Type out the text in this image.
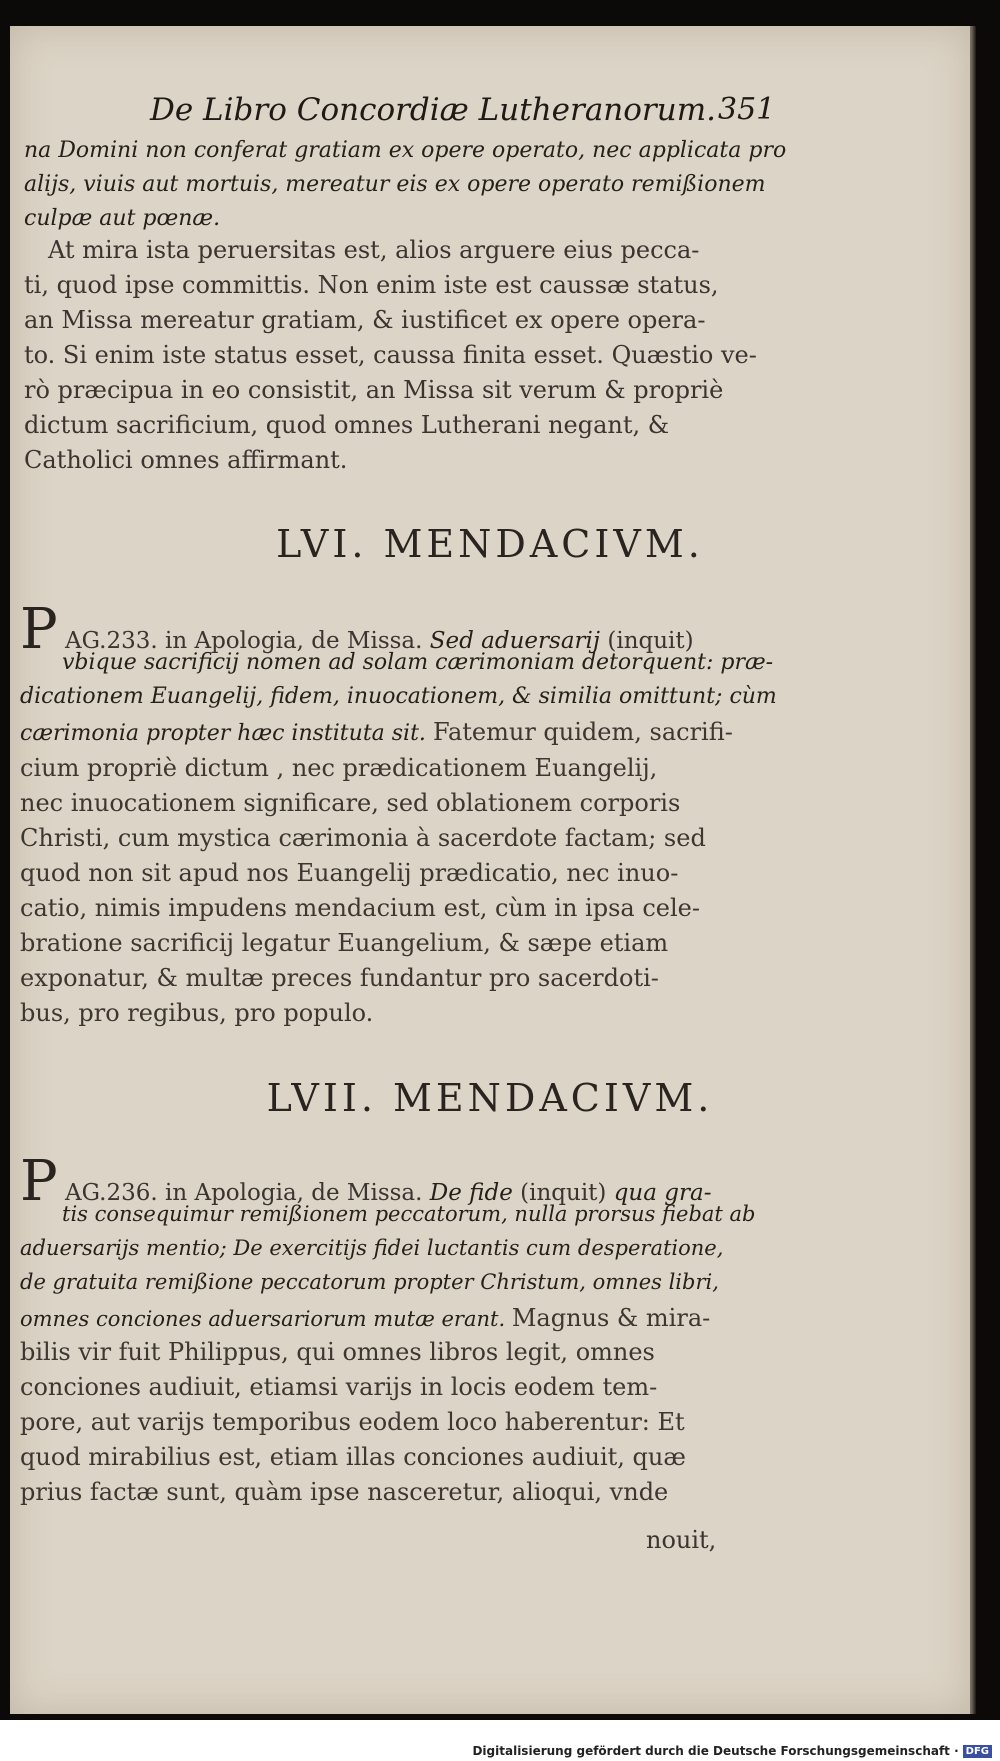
De Libro Concordiæ Lutheranorum. 351

na Domini non conferat gratiam ex opere operato, nec applicata pro

alijs, viuis aut mortuis, mereatur eis ex opere operato remißionem

culpæ aut pœnæ.

At mira ista peruersitas est, alios arguere eius pecca-

ti, quod ipse committis. Non enim iste est caussæ status,

an Missa mereatur gratiam, & iustificet ex opere opera-

to. Si enim iste status esset, caussa finita esset. Quæstio ve-

rò præcipua in eo consistit, an Missa sit verum & propriè

dictum sacrificium, quod omnes Lutherani negant, &

Catholici omnes affirmant.

LVI. MENDACIVM.

P AG.233. in Apologia, de Missa. Sed aduersarij (inquit)

vbique sacrificij nomen ad solam cærimoniam detorquent: præ-

dicationem Euangelij, fidem, inuocationem, & similia omittunt; cùm

cærimonia propter hæc instituta sit. Fatemur quidem, sacrifi-

cium propriè dictum , nec prædicationem Euangelij,

nec inuocationem significare, sed oblationem corporis

Christi, cum mystica cærimonia à sacerdote factam; sed

quod non sit apud nos Euangelij prædicatio, nec inuo-

catio, nimis impudens mendacium est, cùm in ipsa cele-

bratione sacrificij legatur Euangelium, & sæpe etiam

exponatur, & multæ preces fundantur pro sacerdoti-

bus, pro regibus, pro populo.

LVII. MENDACIVM.

P AG.236. in Apologia, de Missa. De fide (inquit) qua gra-

tis consequimur remißionem peccatorum, nulla prorsus fiebat ab

aduersarijs mentio; De exercitijs fidei luctantis cum desperatione,

de gratuita remißione peccatorum propter Christum, omnes libri,

omnes conciones aduersariorum mutæ erant. Magnus & mira-

bilis vir fuit Philippus, qui omnes libros legit, omnes

conciones audiuit, etiamsi varijs in locis eodem tem-

pore, aut varijs temporibus eodem loco haberentur: Et

quod mirabilius est, etiam illas conciones audiuit, quæ

prius factæ sunt, quàm ipse nasceretur, alioqui, vnde

nouit,

Digitalisierung gefördert durch die Deutsche Forschungsgemeinschaft · DFG
